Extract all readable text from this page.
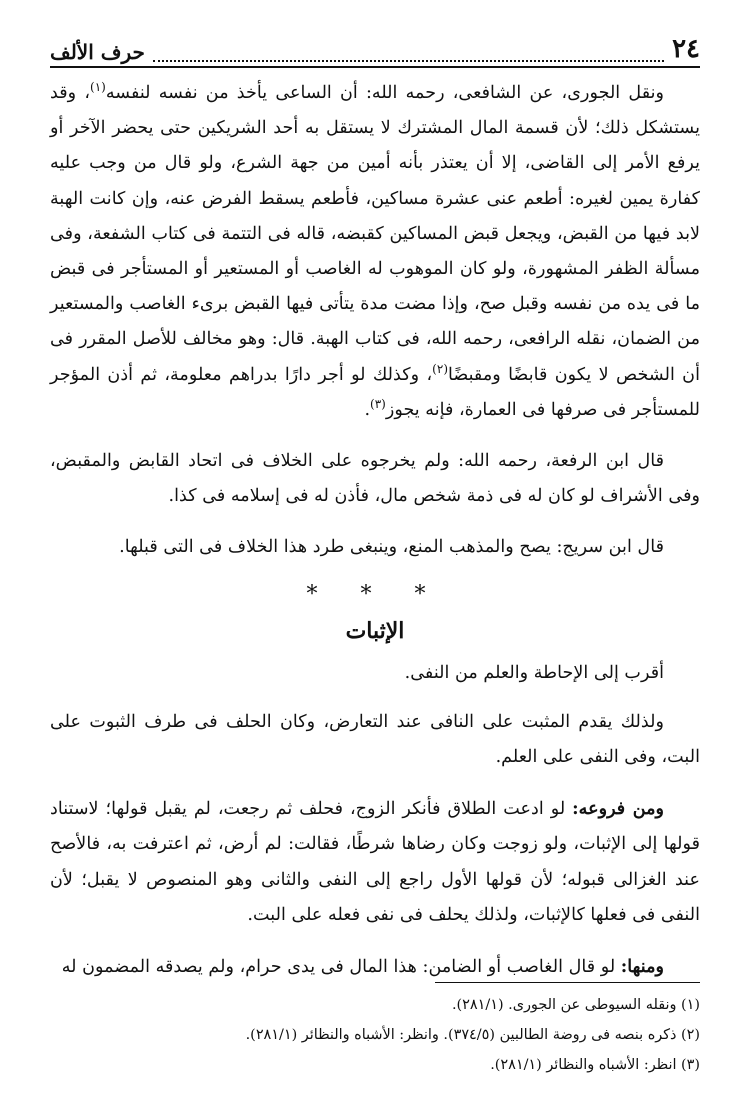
٢٤
حرف الألف

ونقل الجورى، عن الشافعى، رحمه الله: أن الساعى يأخذ من نفسه لنفسه$^{(١)}$، وقد يستشكل ذلك؛ لأن قسمة المال المشترك لا يستقل به أحد الشريكين حتى يحضر الآخر أو يرفع الأمر إلى القاضى، إلا أن يعتذر بأنه أمين من جهة الشرع، ولو قال من وجب عليه كفارة يمين لغيره: أطعم عنى عشرة مساكين، فأطعم يسقط الفرض عنه، وإن كانت الهبة لابد فيها من القبض، ويجعل قبض المساكين كقبضه، قاله فى التتمة فى كتاب الشفعة، وفى مسألة الظفر المشهورة، ولو كان الموهوب له الغاصب أو المستعير أو المستأجر فى قبض ما فى يده من نفسه وقبل صح، وإذا مضت مدة يتأتى فيها القبض برىء الغاصب والمستعير من الضمان، نقله الرافعى، رحمه الله، فى كتاب الهبة. قال: وهو مخالف للأصل المقرر فى أن الشخص لا يكون قابضًا ومقبضًا$^{(٢)}$، وكذلك لو أجر دارًا بدراهم معلومة، ثم أذن المؤجر للمستأجر فى صرفها فى العمارة، فإنه يجوز$^{(٣)}$.

قال ابن الرفعة، رحمه الله: ولم يخرجوه على الخلاف فى اتحاد القابض والمقبض، وفى الأشراف لو كان له فى ذمة شخص مال، فأذن له فى إسلامه فى كذا.

قال ابن سريج: يصح والمذهب المنع، وينبغى طرد هذا الخلاف فى التى قبلها.

* * *
الإثبات

أقرب إلى الإحاطة والعلم من النفى.

ولذلك يقدم المثبت على النافى عند التعارض، وكان الحلف فى طرف الثبوت على البت، وفى النفى على العلم.

ومن فروعه: لو ادعت الطلاق فأنكر الزوج، فحلف ثم رجعت، لم يقبل قولها؛ لاستناد قولها إلى الإثبات، ولو زوجت وكان رضاها شرطًا، فقالت: لم أرض، ثم اعترفت به، فالأصح عند الغزالى قبوله؛ لأن قولها الأول راجع إلى النفى والثانى وهو المنصوص لا يقبل؛ لأن النفى فى فعلها كالإثبات، ولذلك يحلف فى نفى فعله على البت.

ومنها: لو قال الغاصب أو الضامن: هذا المال فى يدى حرام، ولم يصدقه المضمون له

(١) ونقله السيوطى عن الجورى. (٢٨١/١).
(٢) ذكره بنصه فى روضة الطالبين (٣٧٤/٥). وانظر: الأشباه والنظائر (٢٨١/١).
(٣) انظر: الأشباه والنظائر (٢٨١/١).
